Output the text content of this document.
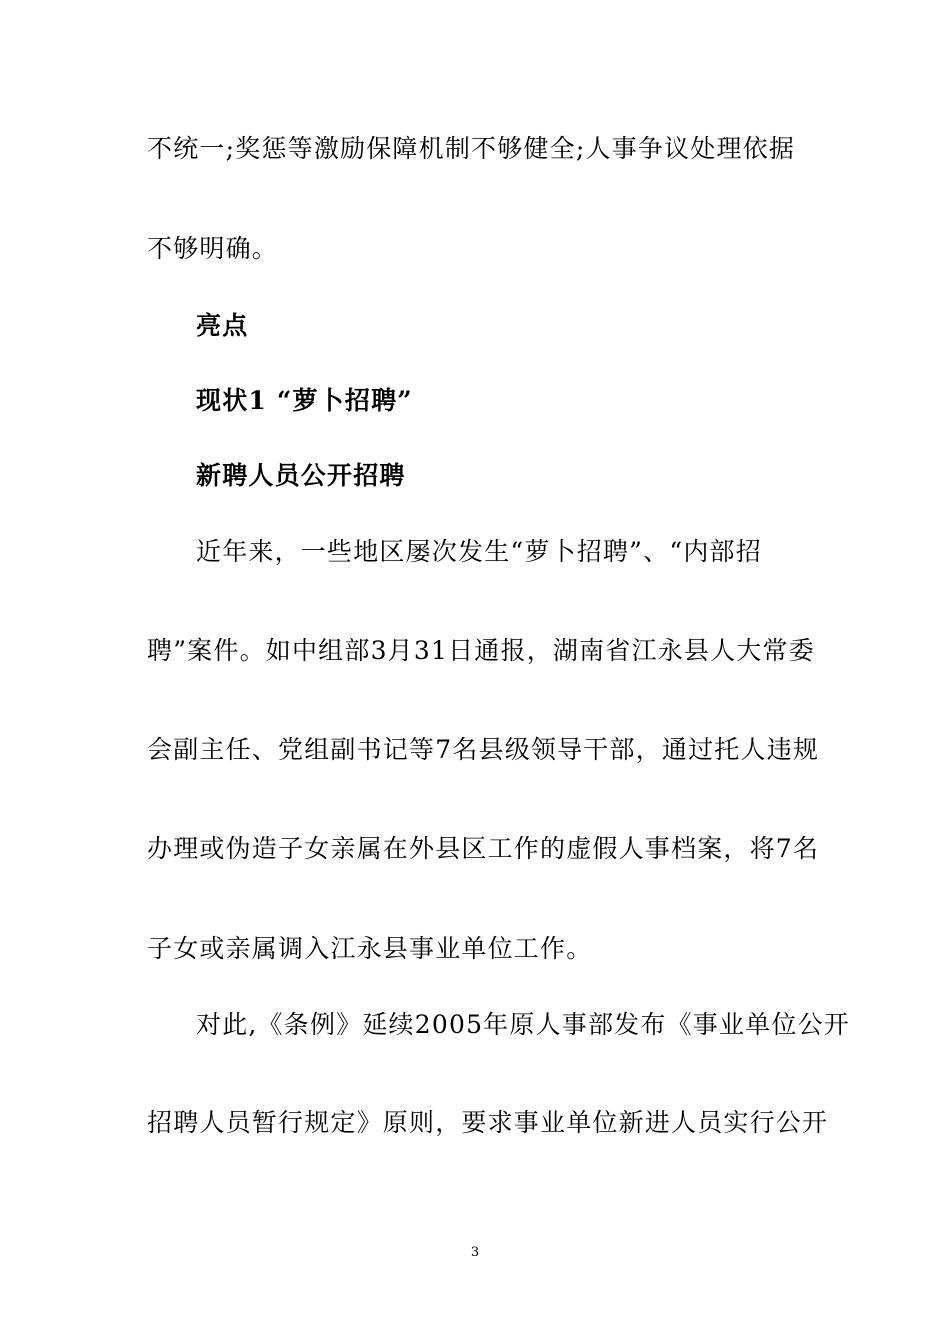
不统一;奖惩等激励保障机制不够健全;人事争议处理依据
不够明确。
亮点
现状1 “萝卜招聘”
新聘人员公开招聘
近年来，一些地区屡次发生“萝卜招聘”、“内部招
聘”案件。如中组部3月31日通报，湖南省江永县人大常委
会副主任、党组副书记等7名县级领导干部，通过托人违规
办理或伪造子女亲属在外县区工作的虚假人事档案，将7名
子女或亲属调入江永县事业单位工作。
对此,《条例》延续2005年原人事部发布《事业单位公开
招聘人员暂行规定》原则，要求事业单位新进人员实行公开
3
